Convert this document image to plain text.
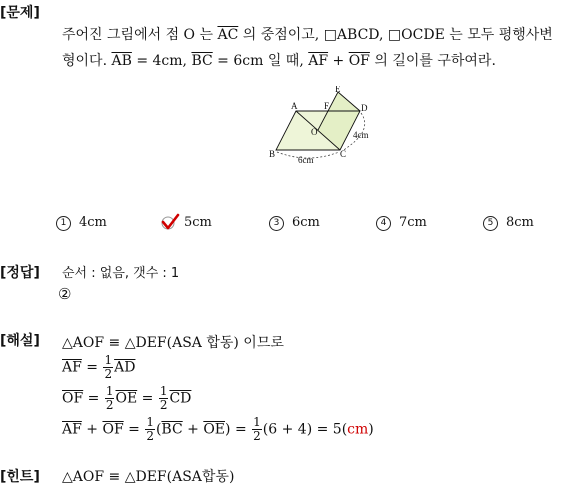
[문제]
[정답]
[해설]
[힌트]
주어진 그림에서 점 O 는 $\overline{AC}$ 의 중점이고, □ABCD, □OCDE 는 모두 평행사변
형이다. $\overline{AB} = 4cm$, $\overline{BC} = 6cm$ 일 때, $\overline{AF} + \overline{OF}$ 의 길이를 구하여라.
A
B	C
D
E
F
O	4cm
6cm
1 4cm	5cm	3 6cm	4 7cm	5 8cm
순서 : 없음, 갯수 : 1
②
△AOF ≡ △DEF(ASA 합동) 이므로
$\overline{AF} = \frac{1}{2} \overline{AD}$
$\overline{OF} = \frac{1}{2} \overline{OE} = \frac{1}{2} \overline{CD}$
$\overline{AF} + \overline{OF} = \frac{1}{2} (\overline{BC} + \overline{OE}) = \frac{1}{2} (6 + 4) = 5(cm)$
△AOF ≡ △DEF(ASA합동)
